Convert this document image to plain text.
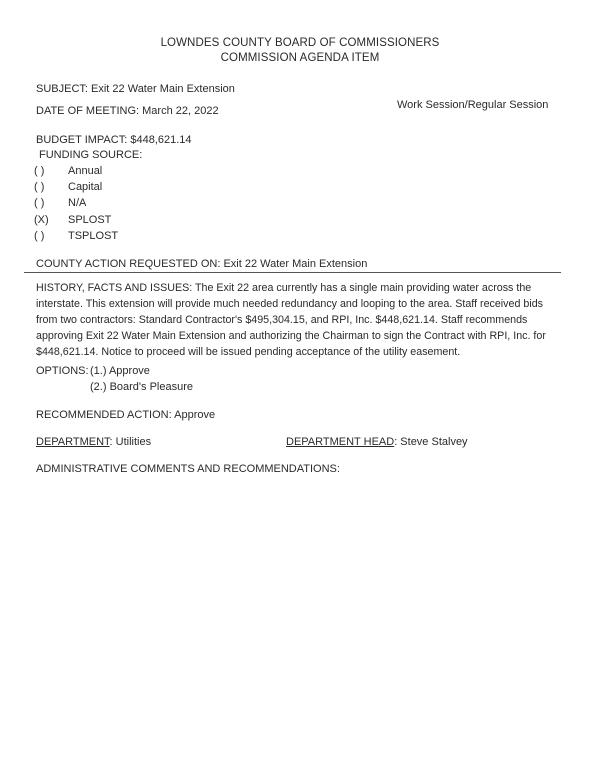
LOWNDES COUNTY BOARD OF COMMISSIONERS
COMMISSION AGENDA ITEM
SUBJECT: Exit 22 Water Main Extension
DATE OF MEETING: March 22, 2022	Work Session/Regular Session
BUDGET IMPACT: $448,621.14
FUNDING SOURCE:
( ) Annual
( ) Capital
( ) N/A
(X) SPLOST
( ) TSPLOST
COUNTY ACTION REQUESTED ON: Exit 22 Water Main Extension
HISTORY, FACTS AND ISSUES: The Exit 22 area currently has a single main providing water across the
interstate. This extension will provide much needed redundancy and looping to the area. Staff received bids
from two contractors: Standard Contractor's $495,304.15, and RPI, Inc. $448,621.14. Staff recommends
approving Exit 22 Water Main Extension and authorizing the Chairman to sign the Contract with RPI, Inc. for
$448,621.14. Notice to proceed will be issued pending acceptance of the utility easement.
OPTIONS: (1.) Approve
(2.) Board's Pleasure
RECOMMENDED ACTION: Approve
DEPARTMENT: Utilities	DEPARTMENT HEAD: Steve Stalvey
ADMINISTRATIVE COMMENTS AND RECOMMENDATIONS:
